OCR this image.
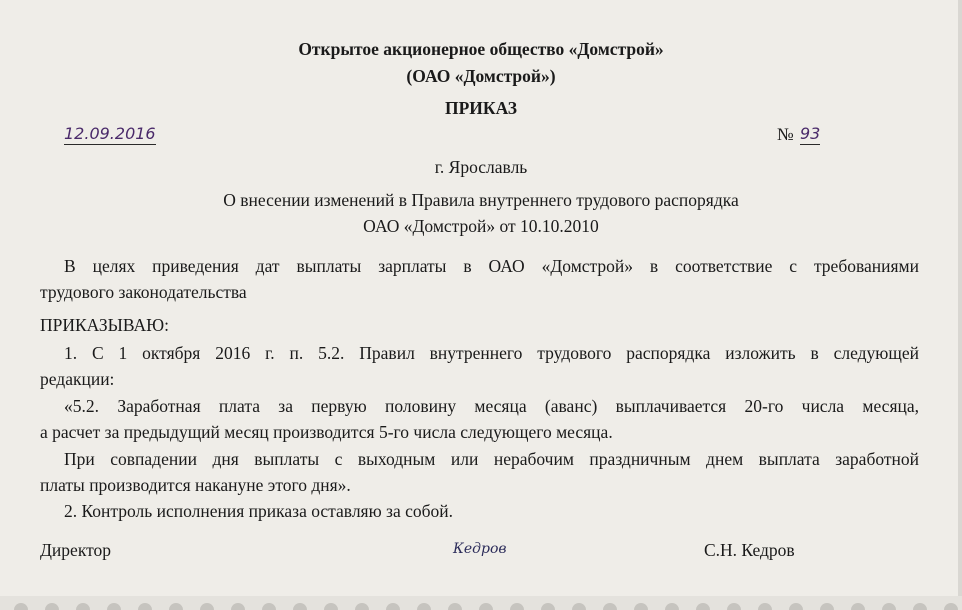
Открытое акционерное общество «Домстрой»
(ОАО «Домстрой»)
ПРИКАЗ
12.09.2016	№ 93
г. Ярославль
О внесении изменений в Правила внутреннего трудового распорядка
ОАО «Домстрой» от 10.10.2010
В целях приведения дат выплаты зарплаты в ОАО «Домстрой» в соответствие с требованиями
трудового законодательства
ПРИКАЗЫВАЮ:
1. С 1 октября 2016 г. п. 5.2. Правил внутреннего трудового распорядка изложить в следующей
редакции:
«5.2. Заработная плата за первую половину месяца (аванс) выплачивается 20-го числа месяца,
а расчет за предыдущий месяц производится 5-го числа следующего месяца.
При совпадении дня выплаты с выходным или нерабочим праздничным днем выплата заработной
платы производится накануне этого дня».
2. Контроль исполнения приказа оставляю за собой.
Директор	Кедров	С.Н. Кедров
